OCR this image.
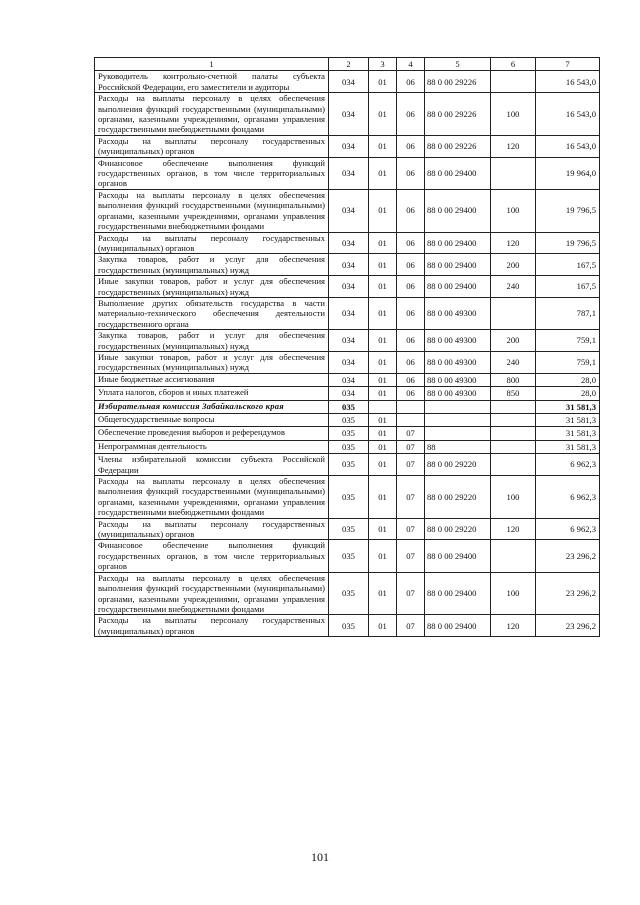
1	2	3	4	5	6	7
Руководитель контрольно-счетной палаты субъекта Российской Федерации, его заместители и аудиторы	034	01	06	88 0 00 29226		16 543,0
Расходы на выплаты персоналу в целях обеспечения выполнения функций государственными (муниципальными) органами, казенными учреждениями, органами управления государственными внебюджетными фондами	034	01	06	88 0 00 29226	100	16 543,0
Расходы на выплаты персоналу государственных (муниципальных) органов	034	01	06	88 0 00 29226	120	16 543,0
Финансовое обеспечение выполнения функций государственных органов, в том числе территориальных органов	034	01	06	88 0 00 29400		19 964,0
Расходы на выплаты персоналу в целях обеспечения выполнения функций государственными (муниципальными) органами, казенными учреждениями, органами управления государственными внебюджетными фондами	034	01	06	88 0 00 29400	100	19 796,5
Расходы на выплаты персоналу государственных (муниципальных) органов	034	01	06	88 0 00 29400	120	19 796,5
Закупка товаров, работ и услуг для обеспечения государственных (муниципальных) нужд	034	01	06	88 0 00 29400	200	167,5
Иные закупки товаров, работ и услуг для обеспечения государственных (муниципальных) нужд	034	01	06	88 0 00 29400	240	167,5
Выполнение других обязательств государства в части материально-технического обеспечения деятельности государственного органа	034	01	06	88 0 00 49300		787,1
Закупка товаров, работ и услуг для обеспечения государственных (муниципальных) нужд	034	01	06	88 0 00 49300	200	759,1
Иные закупки товаров, работ и услуг для обеспечения государственных (муниципальных) нужд	034	01	06	88 0 00 49300	240	759,1
Иные бюджетные ассигнования	034	01	06	88 0 00 49300	800	28,0
Уплата налогов, сборов и иных платежей	034	01	06	88 0 00 49300	850	28,0
Избирательная комиссия Забайкальского края	035					31 581,3
Общегосударственные вопросы	035	01				31 581,3
Обеспечение проведения выборов и референдумов	035	01	07			31 581,3
Непрограммная деятельность	035	01	07	88		31 581,3
Члены избирательной комиссии субъекта Российской Федерации	035	01	07	88 0 00 29220		6 962,3
Расходы на выплаты персоналу в целях обеспечения выполнения функций государственными (муниципальными) органами, казенными учреждениями, органами управления государственными внебюджетными фондами	035	01	07	88 0 00 29220	100	6 962,3
Расходы на выплаты персоналу государственных (муниципальных) органов	035	01	07	88 0 00 29220	120	6 962,3
Финансовое обеспечение выполнения функций государственных органов, в том числе территориальных органов	035	01	07	88 0 00 29400		23 296,2
Расходы на выплаты персоналу в целях обеспечения выполнения функций государственными (муниципальными) органами, казенными учреждениями, органами управления государственными внебюджетными фондами	035	01	07	88 0 00 29400	100	23 296,2
Расходы на выплаты персоналу государственных (муниципальных) органов	035	01	07	88 0 00 29400	120	23 296,2
101
